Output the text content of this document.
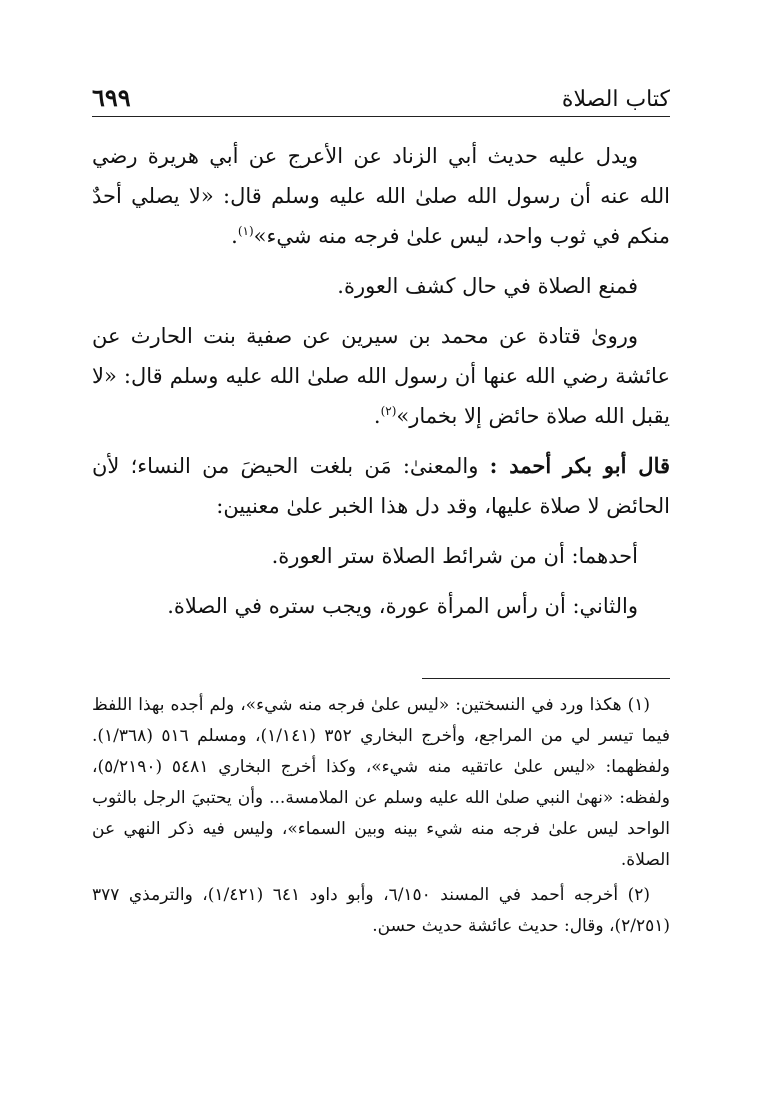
٦٩٩	كتاب الصلاة

ويدل عليه حديث أبي الزناد عن الأعرج عن أبي هريرة رضي الله عنه أن رسول الله صلىٰ الله عليه وسلم قال: «لا يصلي أحدٌ منكم في ثوب واحد، ليس علىٰ فرجه منه شيء»$^{(١)}$.

فمنع الصلاة في حال كشف العورة.

ورویٰ قتادة عن محمد بن سيرين عن صفية بنت الحارث عن عائشة رضي الله عنها أن رسول الله صلىٰ الله عليه وسلم قال: «لا يقبل الله صلاة حائض إلا بخمار»$^{(٢)}$.

قال أبو بكر أحمد : والمعنىٰ: مَن بلغت الحيضَ من النساء؛ لأن الحائض لا صلاة عليها، وقد دل هذا الخبر علىٰ معنيين:

أحدهما: أن من شرائط الصلاة ستر العورة.

والثاني: أن رأس المرأة عورة، ويجب ستره في الصلاة.

(١) هكذا ورد في النسختين: «ليس علىٰ فرجه منه شيء»، ولم أجده بهذا اللفظ فيما تيسر لي من المراجع، وأخرج البخاري ٣٥٢ (١/١٤١)، ومسلم ٥١٦ (١/٣٦٨). ولفظهما: «ليس علىٰ عاتقيه منه شيء»، وكذا أخرج البخاري ٥٤٨١ (٥/٢١٩٠)، ولفظه: «نهىٰ النبي صلىٰ الله عليه وسلم عن الملامسة... وأن يحتبيَ الرجل بالثوب الواحد ليس علىٰ فرجه منه شيء بينه وبين السماء»، وليس فيه ذكر النهي عن الصلاة.

(٢) أخرجه أحمد في المسند ٦/١٥٠، وأبو داود ٦٤١ (١/٤٢١)، والترمذي ٣٧٧ (٢/٢٥١)، وقال: حديث عائشة حديث حسن.
